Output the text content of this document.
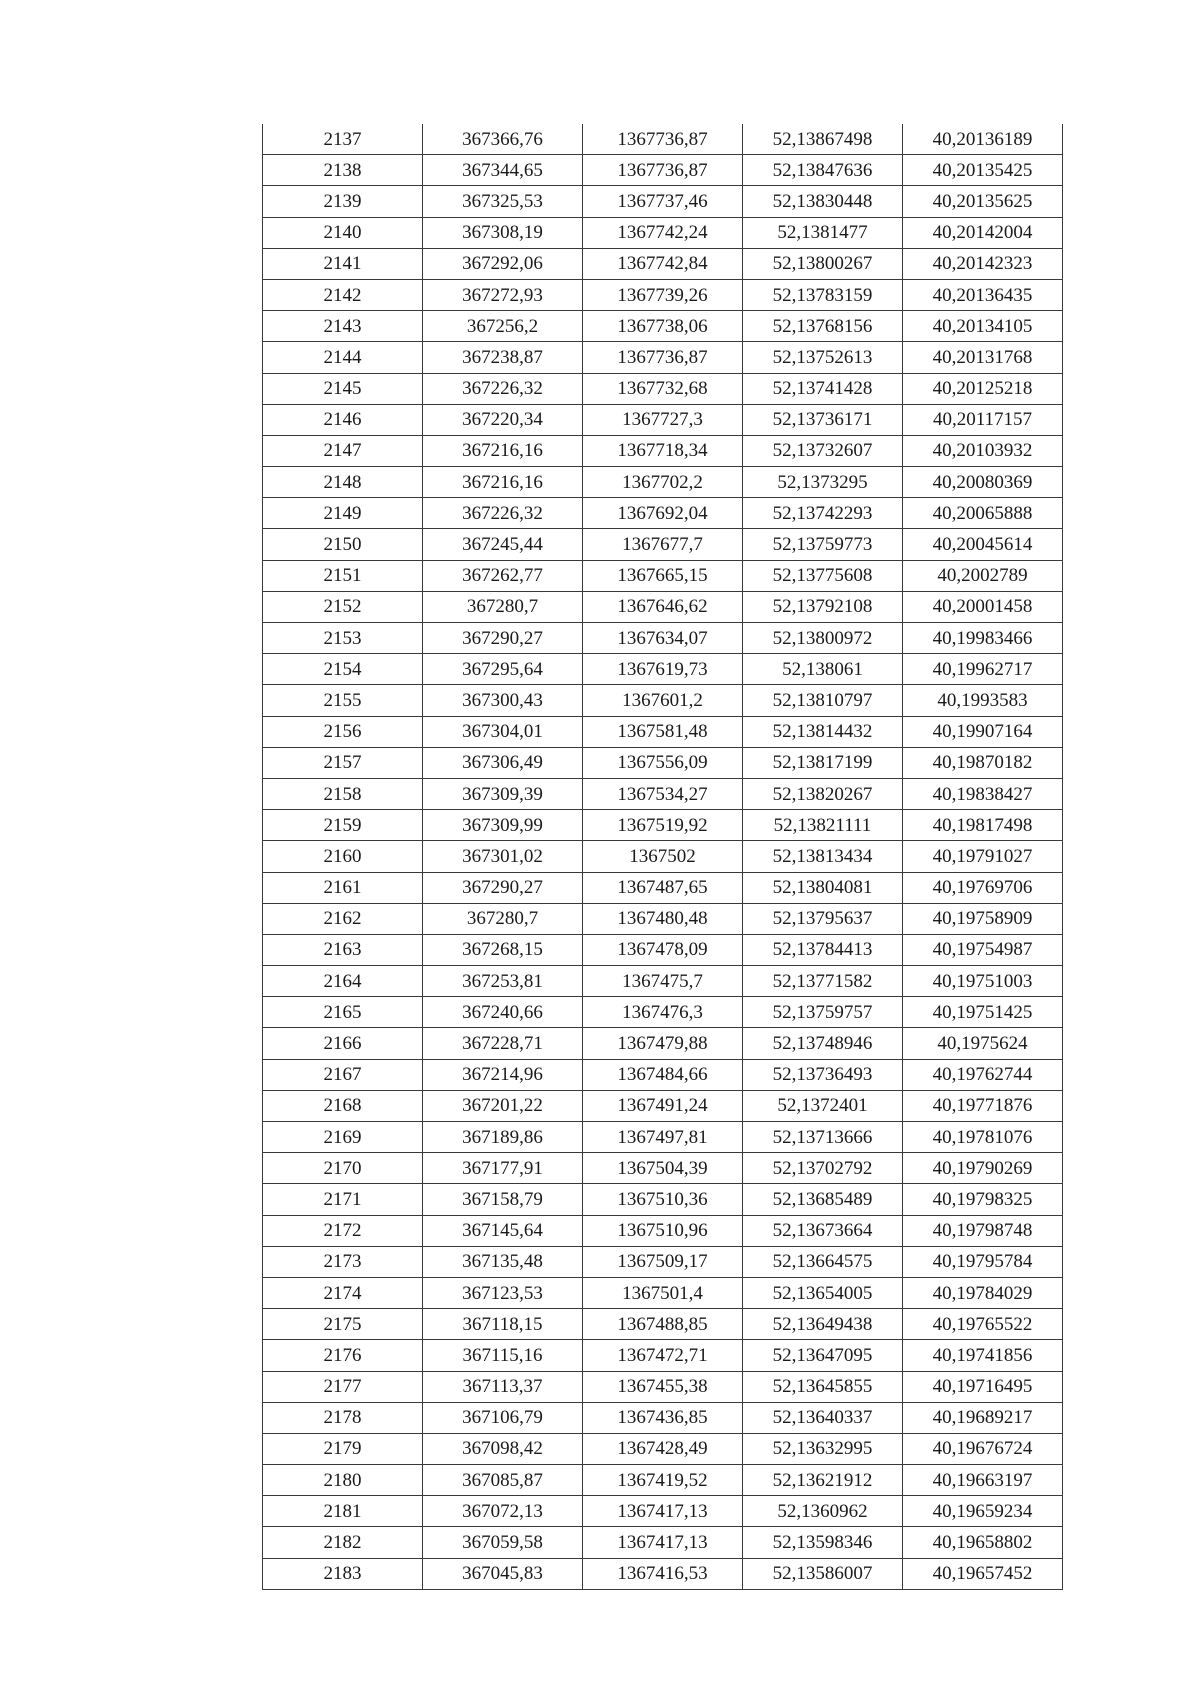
2137	367366,76	1367736,87	52,13867498	40,20136189
2138	367344,65	1367736,87	52,13847636	40,20135425
2139	367325,53	1367737,46	52,13830448	40,20135625
2140	367308,19	1367742,24	52,1381477	40,20142004
2141	367292,06	1367742,84	52,13800267	40,20142323
2142	367272,93	1367739,26	52,13783159	40,20136435
2143	367256,2	1367738,06	52,13768156	40,20134105
2144	367238,87	1367736,87	52,13752613	40,20131768
2145	367226,32	1367732,68	52,13741428	40,20125218
2146	367220,34	1367727,3	52,13736171	40,20117157
2147	367216,16	1367718,34	52,13732607	40,20103932
2148	367216,16	1367702,2	52,1373295	40,20080369
2149	367226,32	1367692,04	52,13742293	40,20065888
2150	367245,44	1367677,7	52,13759773	40,20045614
2151	367262,77	1367665,15	52,13775608	40,2002789
2152	367280,7	1367646,62	52,13792108	40,20001458
2153	367290,27	1367634,07	52,13800972	40,19983466
2154	367295,64	1367619,73	52,138061	40,19962717
2155	367300,43	1367601,2	52,13810797	40,1993583
2156	367304,01	1367581,48	52,13814432	40,19907164
2157	367306,49	1367556,09	52,13817199	40,19870182
2158	367309,39	1367534,27	52,13820267	40,19838427
2159	367309,99	1367519,92	52,13821111	40,19817498
2160	367301,02	1367502	52,13813434	40,19791027
2161	367290,27	1367487,65	52,13804081	40,19769706
2162	367280,7	1367480,48	52,13795637	40,19758909
2163	367268,15	1367478,09	52,13784413	40,19754987
2164	367253,81	1367475,7	52,13771582	40,19751003
2165	367240,66	1367476,3	52,13759757	40,19751425
2166	367228,71	1367479,88	52,13748946	40,1975624
2167	367214,96	1367484,66	52,13736493	40,19762744
2168	367201,22	1367491,24	52,1372401	40,19771876
2169	367189,86	1367497,81	52,13713666	40,19781076
2170	367177,91	1367504,39	52,13702792	40,19790269
2171	367158,79	1367510,36	52,13685489	40,19798325
2172	367145,64	1367510,96	52,13673664	40,19798748
2173	367135,48	1367509,17	52,13664575	40,19795784
2174	367123,53	1367501,4	52,13654005	40,19784029
2175	367118,15	1367488,85	52,13649438	40,19765522
2176	367115,16	1367472,71	52,13647095	40,19741856
2177	367113,37	1367455,38	52,13645855	40,19716495
2178	367106,79	1367436,85	52,13640337	40,19689217
2179	367098,42	1367428,49	52,13632995	40,19676724
2180	367085,87	1367419,52	52,13621912	40,19663197
2181	367072,13	1367417,13	52,1360962	40,19659234
2182	367059,58	1367417,13	52,13598346	40,19658802
2183	367045,83	1367416,53	52,13586007	40,19657452
